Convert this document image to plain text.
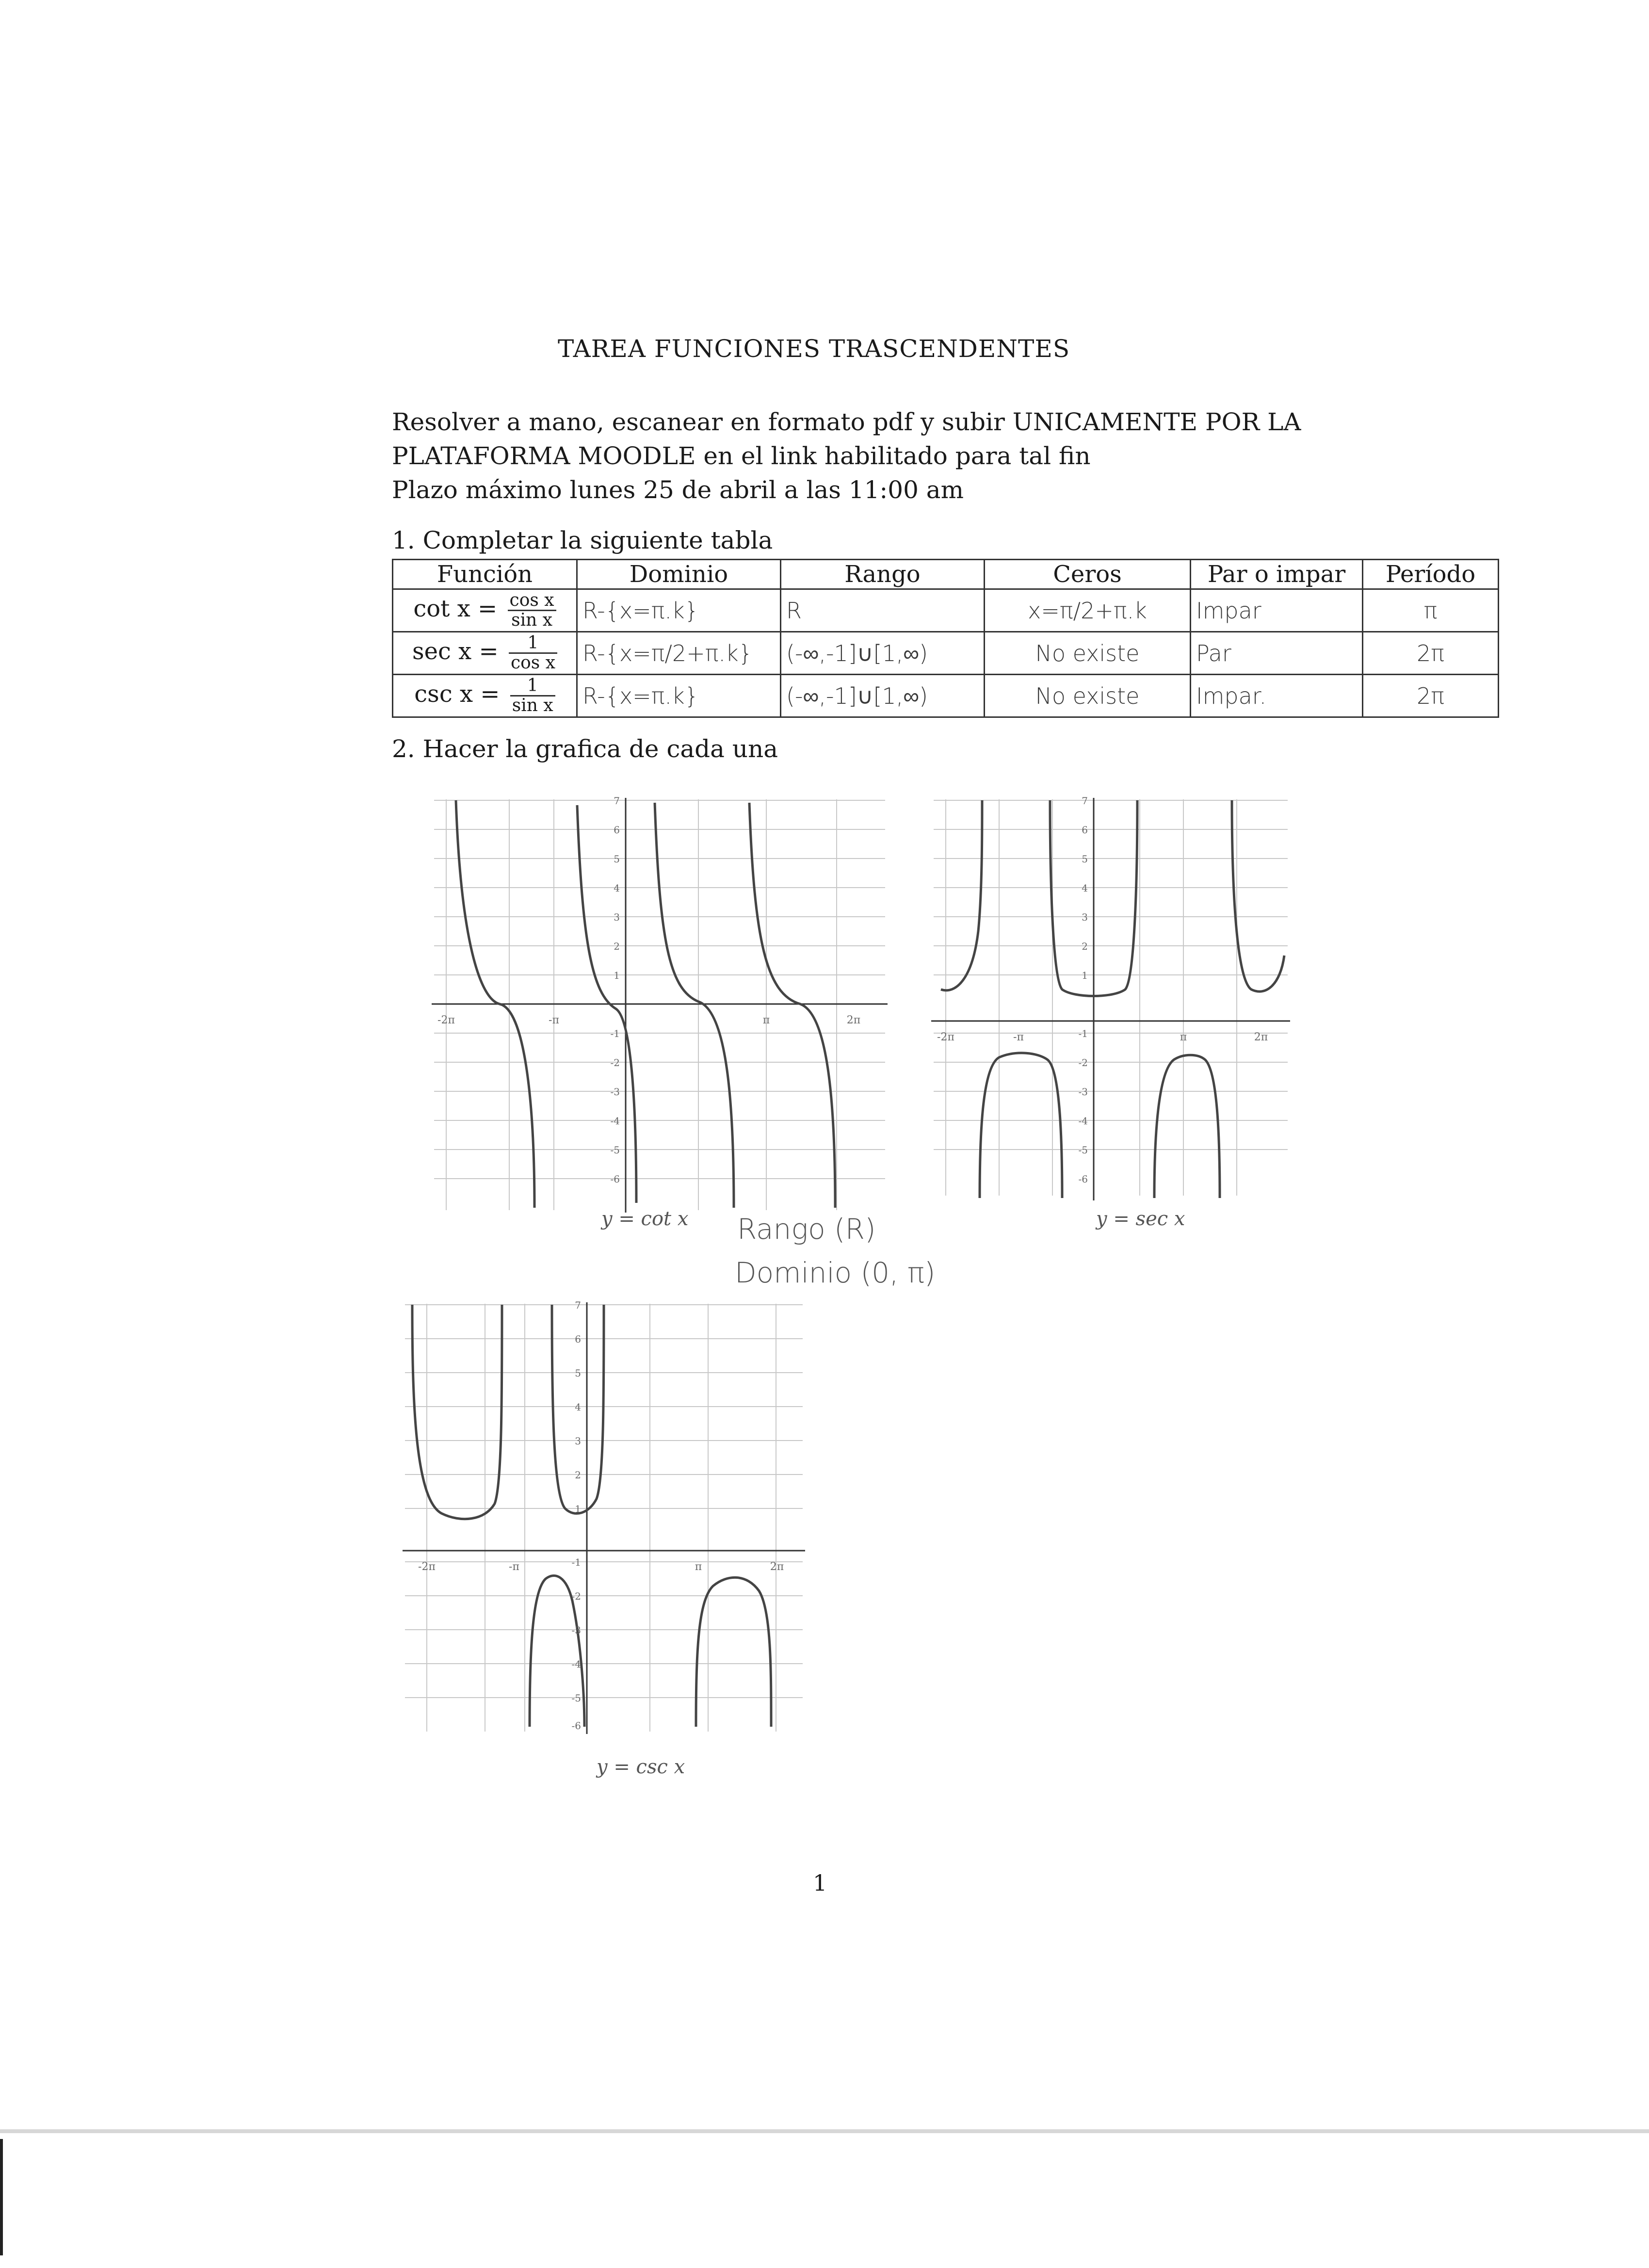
TAREA FUNCIONES TRASCENDENTES
Resolver a mano, escanear en formato pdf y subir UNICAMENTE POR LA
PLATAFORMA MOODLE en el link habilitado para tal fin
Plazo máximo lunes 25 de abril a las 11:00 am
1. Completar la siguiente tabla
Función	Dominio	Rango	Ceros	Par o impar	Período
$\cot x = \frac{\text{cos x}}{\text{sin x}}$	R-{x=π.k}	R	x=π/2+π.k	Impar	π
$\sec x = \frac{1}{\text{cos x}}$	R-{x=π/2+π.k}	(-∞,-1]∪[1,∞)	No existe	Par	2π
$\csc x = \frac{1}{\text{sin x}}$	R-{x=π.k}	(-∞,-1]∪[1,∞)	No existe	Impar.	2π
2. Hacer la grafica de cada una
-2π	-π	π	2π
7
6
5
4
3
2
1
-1
-2
-3
-4
-5
-6
y = cot x
-2π	-π	π	2π
7
6
5
4
3
2
1
-1
-2
-3
-4
-5
-6
y = sec x
Rango (R)
Dominio (0, π)
-2π	-π	π	2π
7
6
5
4
3
2
1
-1
-2
-3
-4
-5
-6
y = csc x
1
